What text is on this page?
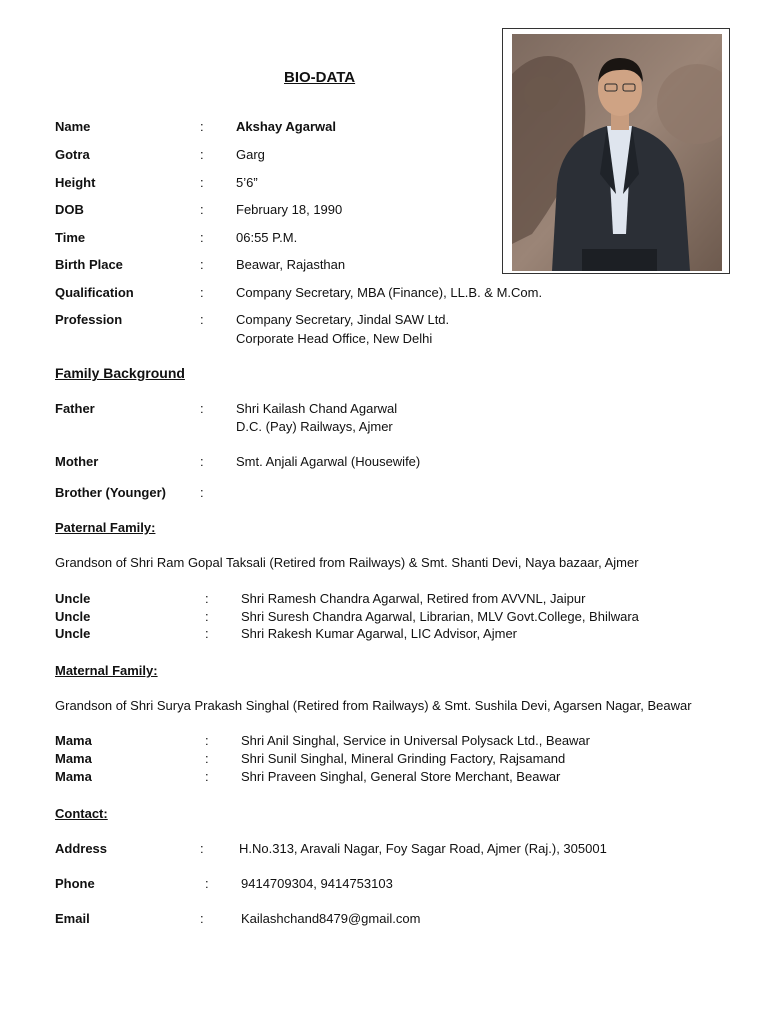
BIO-DATA
Name	: Akshay Agarwal
Gotra	: Garg
Height	: 5’6”
DOB	: February 18, 1990
Time	: 06:55 P.M.
Birth Place	: Beawar, Rajasthan
Qualification	: Company Secretary, MBA (Finance), LL.B. & M.Com.
Profession	: Company Secretary, Jindal SAW Ltd.
Corporate Head Office, New Delhi
Family Background
Father	: Shri Kailash Chand Agarwal
D.C. (Pay) Railways, Ajmer
Mother	: Smt. Anjali Agarwal (Housewife)
Brother (Younger)	:
Paternal Family:
Grandson of Shri Ram Gopal Taksali (Retired from Railways) & Smt. Shanti Devi, Naya bazaar, Ajmer
Uncle	: Shri Ramesh Chandra Agarwal, Retired from AVVNL, Jaipur
Uncle	: Shri Suresh Chandra Agarwal, Librarian, MLV Govt.College, Bhilwara
Uncle	: Shri Rakesh Kumar Agarwal, LIC Advisor, Ajmer
Maternal Family:
Grandson of Shri Surya Prakash Singhal (Retired from Railways) & Smt. Sushila Devi, Agarsen Nagar, Beawar
Mama	: Shri Anil Singhal, Service in Universal Polysack Ltd., Beawar
Mama	: Shri Sunil Singhal, Mineral Grinding Factory, Rajsamand
Mama	: Shri Praveen Singhal, General Store Merchant, Beawar
Contact:
Address	:	H.No.313, Aravali Nagar, Foy Sagar Road, Ajmer (Raj.), 305001
Phone	: 9414709304, 9414753103
Email	:	Kailashchand8479@gmail.com
